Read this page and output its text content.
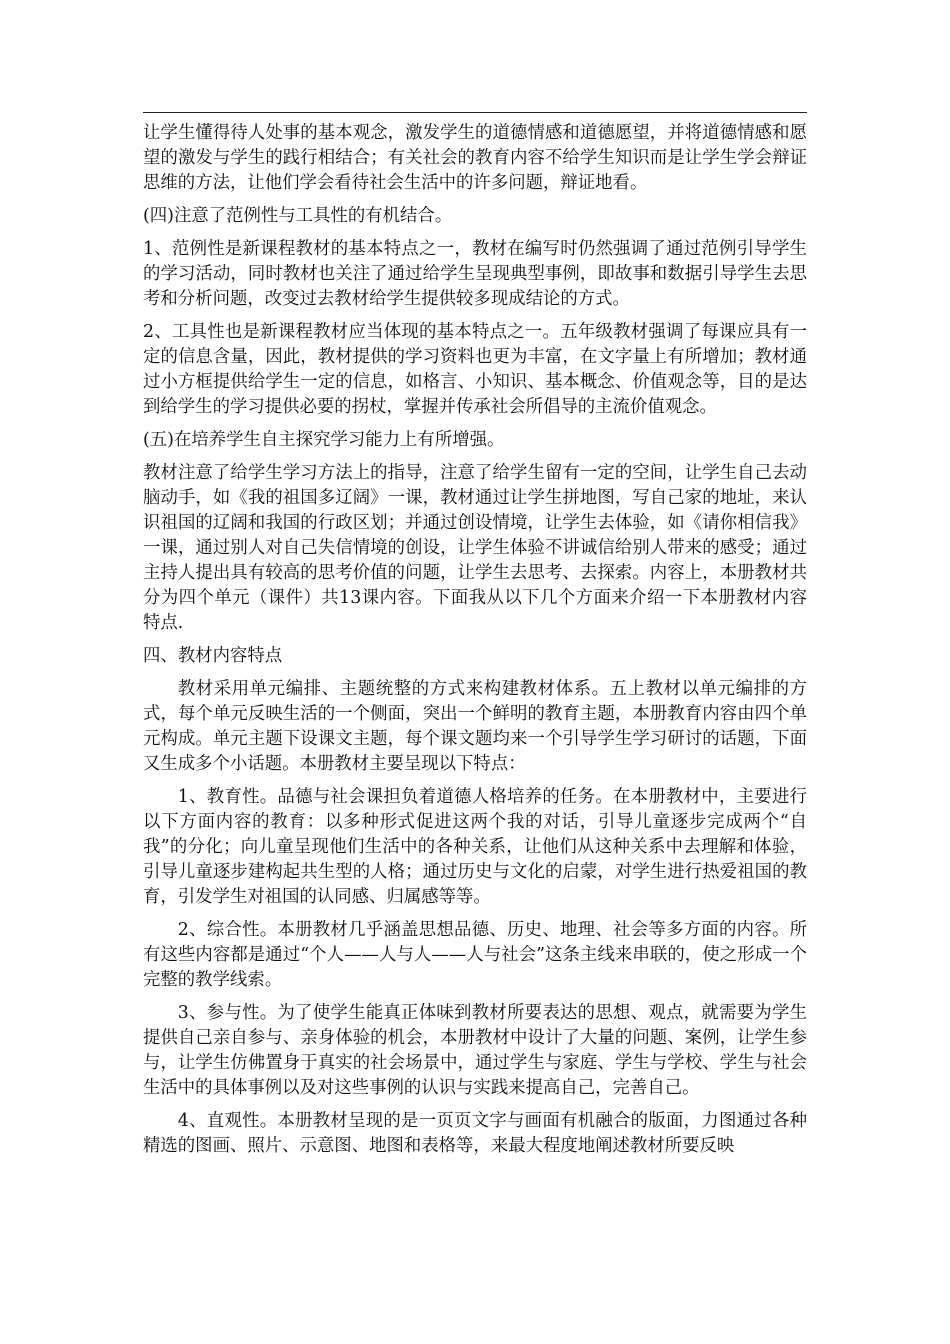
让学生懂得待人处事的基本观念，激发学生的道德情感和道德愿望，并将道德情感和愿望的激发与学生的践行相结合；有关社会的教育内容不给学生知识而是让学生学会辩证思维的方法，让他们学会看待社会生活中的许多问题，辩证地看。

(四)注意了范例性与工具性的有机结合。

1、范例性是新课程教材的基本特点之一，教材在编写时仍然强调了通过范例引导学生的学习活动，同时教材也关注了通过给学生呈现典型事例，即故事和数据引导学生去思考和分析问题，改变过去教材给学生提供较多现成结论的方式。

2、工具性也是新课程教材应当体现的基本特点之一。五年级教材强调了每课应具有一定的信息含量，因此，教材提供的学习资料也更为丰富，在文字量上有所增加；教材通过小方框提供给学生一定的信息，如格言、小知识、基本概念、价值观念等，目的是达到给学生的学习提供必要的拐杖，掌握并传承社会所倡导的主流价值观念。

(五)在培养学生自主探究学习能力上有所增强。

教材注意了给学生学习方法上的指导，注意了给学生留有一定的空间，让学生自己去动脑动手，如《我的祖国多辽阔》一课，教材通过让学生拼地图，写自己家的地址，来认识祖国的辽阔和我国的行政区划；并通过创设情境，让学生去体验，如《请你相信我》一课，通过别人对自己失信情境的创设，让学生体验不讲诚信给别人带来的感受；通过主持人提出具有较高的思考价值的问题，让学生去思考、去探索。内容上，本册教材共分为四个单元（课件）共13课内容。下面我从以下几个方面来介绍一下本册教材内容特点.

四、教材内容特点

教材采用单元编排、主题统整的方式来构建教材体系。五上教材以单元编排的方式，每个单元反映生活的一个侧面，突出一个鲜明的教育主题，本册教育内容由四个单元构成。单元主题下设课文主题，每个课文题均来一个引导学生学习研讨的话题，下面又生成多个小话题。本册教材主要呈现以下特点：

1、教育性。品德与社会课担负着道德人格培养的任务。在本册教材中，主要进行以下方面内容的教育：以多种形式促进这两个我的对话，引导儿童逐步完成两个“自我”的分化；向儿童呈现他们生活中的各种关系，让他们从这种关系中去理解和体验，引导儿童逐步建构起共生型的人格；通过历史与文化的启蒙，对学生进行热爱祖国的教育，引发学生对祖国的认同感、归属感等等。

2、综合性。本册教材几乎涵盖思想品德、历史、地理、社会等多方面的内容。所有这些内容都是通过“个人——人与人——人与社会”这条主线来串联的，使之形成一个完整的教学线索。

3、参与性。为了使学生能真正体味到教材所要表达的思想、观点，就需要为学生提供自己亲自参与、亲身体验的机会，本册教材中设计了大量的问题、案例，让学生参与，让学生仿佛置身于真实的社会场景中，通过学生与家庭、学生与学校、学生与社会生活中的具体事例以及对这些事例的认识与实践来提高自己，完善自己。

4、直观性。本册教材呈现的是一页页文字与画面有机融合的版面，力图通过各种精选的图画、照片、示意图、地图和表格等，来最大程度地阐述教材所要反映
